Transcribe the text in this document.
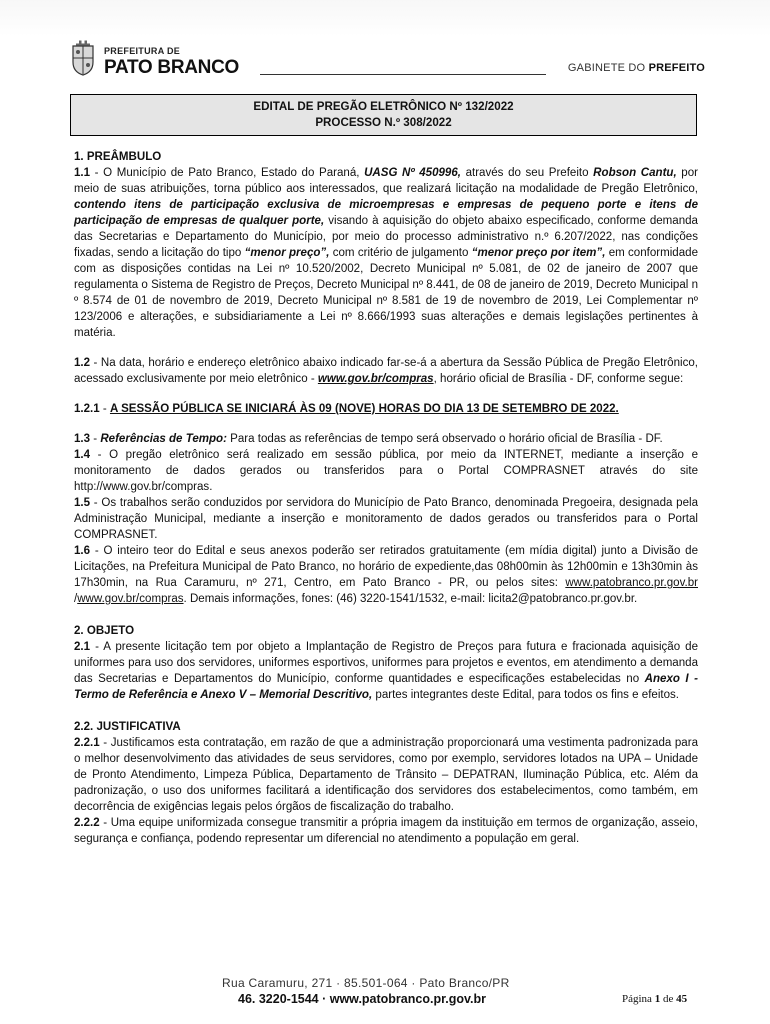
PREFEITURA DE
PATO BRANCO	GABINETE DO PREFEITO
EDITAL DE PREGÃO ELETRÔNICO Nº 132/2022
PROCESSO N.º 308/2022

1. PREÂMBULO

1.1 - O Município de Pato Branco, Estado do Paraná, UASG Nº 450996, através do seu Prefeito Robson Cantu, por meio de suas atribuições, torna público aos interessados, que realizará licitação na modalidade de Pregão Eletrônico, contendo itens de participação exclusiva de microempresas e empresas de pequeno porte e itens de participação de empresas de qualquer porte, visando à aquisição do objeto abaixo especificado, conforme demanda das Secretarias e Departamento do Município, por meio do processo administrativo n.º 6.207/2022, nas condições fixadas, sendo a licitação do tipo “menor preço”, com critério de julgamento “menor preço por item”, em conformidade com as disposições contidas na Lei nº 10.520/2002, Decreto Municipal nº 5.081, de 02 de janeiro de 2007 que regulamenta o Sistema de Registro de Preços, Decreto Municipal nº 8.441, de 08 de janeiro de 2019, Decreto Municipal n º 8.574 de 01 de novembro de 2019, Decreto Municipal nº 8.581 de 19 de novembro de 2019, Lei Complementar nº 123/2006 e alterações, e subsidiariamente a Lei nº 8.666/1993 suas alterações e demais legislações pertinentes à matéria.

1.2 - Na data, horário e endereço eletrônico abaixo indicado far-se-á a abertura da Sessão Pública de Pregão Eletrônico, acessado exclusivamente por meio eletrônico - www.gov.br/compras, horário oficial de Brasília - DF, conforme segue:

1.2.1 - A SESSÃO PÚBLICA SE INICIARÁ ÀS 09 (NOVE) HORAS DO DIA 13 DE SETEMBRO DE 2022.

1.3 - Referências de Tempo: Para todas as referências de tempo será observado o horário oficial de Brasília - DF.

1.4 - O pregão eletrônico será realizado em sessão pública, por meio da INTERNET, mediante a inserção e monitoramento de dados gerados ou transferidos para o Portal COMPRASNET através do site http://www.gov.br/compras.

1.5 - Os trabalhos serão conduzidos por servidora do Município de Pato Branco, denominada Pregoeira, designada pela Administração Municipal, mediante a inserção e monitoramento de dados gerados ou transferidos para o Portal COMPRASNET.

1.6 - O inteiro teor do Edital e seus anexos poderão ser retirados gratuitamente (em mídia digital) junto a Divisão de Licitações, na Prefeitura Municipal de Pato Branco, no horário de expediente,das 08h00min às 12h00min e 13h30min às 17h30min, na Rua Caramuru, nº 271, Centro, em Pato Branco - PR, ou pelos sites: www.patobranco.pr.gov.br /www.gov.br/compras. Demais informações, fones: (46) 3220-1541/1532, e-mail: licita2@patobranco.pr.gov.br.

2. OBJETO

2.1 - A presente licitação tem por objeto a Implantação de Registro de Preços para futura e fracionada aquisição de uniformes para uso dos servidores, uniformes esportivos, uniformes para projetos e eventos, em atendimento a demanda das Secretarias e Departamentos do Município, conforme quantidades e especificações estabelecidas no Anexo I - Termo de Referência e Anexo V – Memorial Descritivo, partes integrantes deste Edital, para todos os fins e efeitos.

2.2. JUSTIFICATIVA

2.2.1 - Justificamos esta contratação, em razão de que a administração proporcionará uma vestimenta padronizada para o melhor desenvolvimento das atividades de seus servidores, como por exemplo, servidores lotados na UPA – Unidade de Pronto Atendimento, Limpeza Pública, Departamento de Trânsito – DEPATRAN, Iluminação Pública, etc. Além da padronização, o uso dos uniformes facilitará a identificação dos servidores dos estabelecimentos, como também, em decorrência de exigências legais pelos órgãos de fiscalização do trabalho.

2.2.2 - Uma equipe uniformizada consegue transmitir a própria imagem da instituição em termos de organização, asseio, segurança e confiança, podendo representar um diferencial no atendimento a população em geral.

Rua Caramuru, 271 · 85.501-064 · Pato Branco/PR
46. 3220-1544 · www.patobranco.pr.gov.br	Página 1 de 45
